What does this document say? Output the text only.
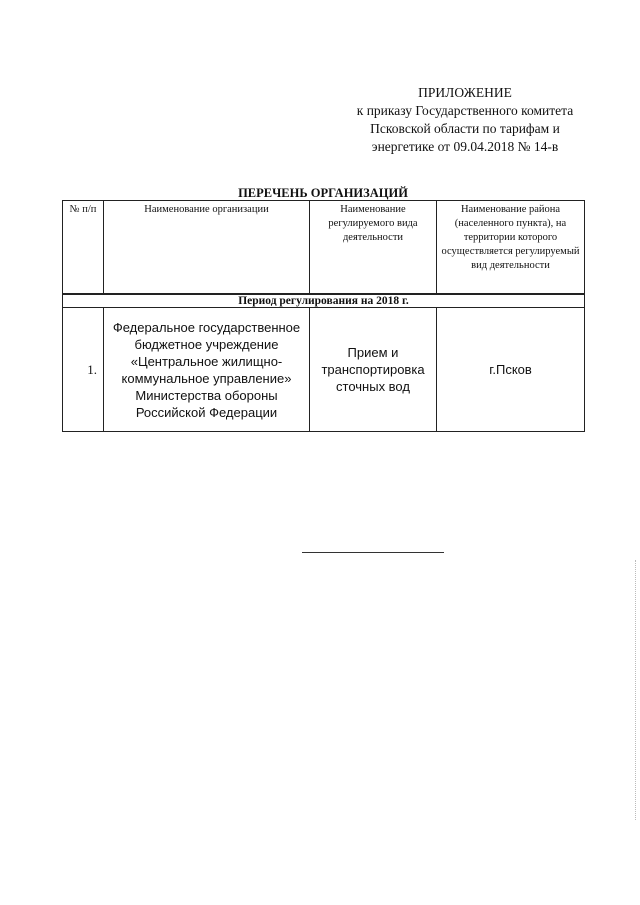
ПРИЛОЖЕНИЕ
к приказу Государственного комитета
Псковской области по тарифам и
энергетике от 09.04.2018 № 14-в
ПЕРЕЧЕНЬ ОРГАНИЗАЦИЙ
№ п/п	Наименование организации	Наименование регулируемого вида деятельности	Наименование района (населенного пункта), на территории которого осуществляется регулируемый вид деятельности
Период регулирования на 2018 г.			
1.	Федеральное государственное бюджетное учреждение «Центральное жилищно-коммунальное управление» Министерства обороны Российской Федерации	Прием и транспортировка сточных вод	г.Псков
